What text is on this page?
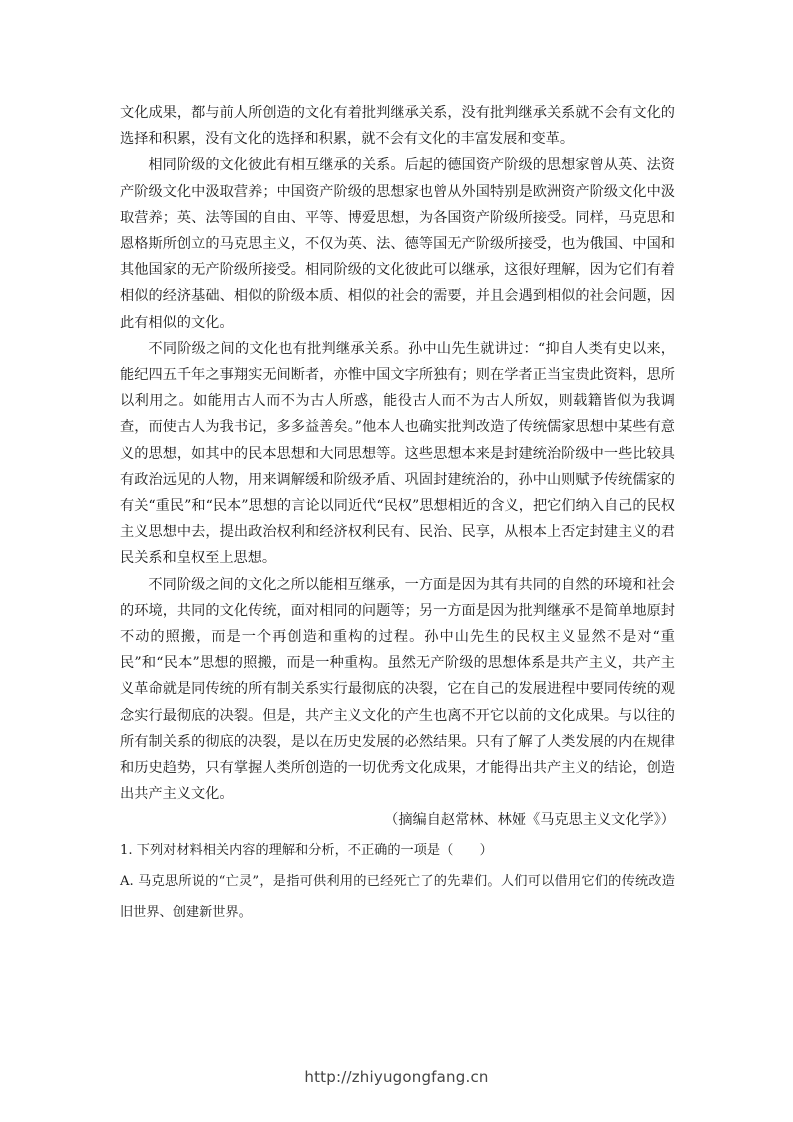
文化成果，都与前人所创造的文化有着批判继承关系，没有批判继承关系就不会有文化的选择和积累，没有文化的选择和积累，就不会有文化的丰富发展和变革。

相同阶级的文化彼此有相互继承的关系。后起的德国资产阶级的思想家曾从英、法资产阶级文化中汲取营养；中国资产阶级的思想家也曾从外国特别是欧洲资产阶级文化中汲取营养；英、法等国的自由、平等、博爱思想，为各国资产阶级所接受。同样，马克思和恩格斯所创立的马克思主义，不仅为英、法、德等国无产阶级所接受，也为俄国、中国和其他国家的无产阶级所接受。相同阶级的文化彼此可以继承，这很好理解，因为它们有着相似的经济基础、相似的阶级本质、相似的社会的需要，并且会遇到相似的社会问题，因此有相似的文化。

不同阶级之间的文化也有批判继承关系。孙中山先生就讲过：“抑自人类有史以来，能纪四五千年之事翔实无间断者，亦惟中国文字所独有；则在学者正当宝贵此资料，思所以利用之。如能用古人而不为古人所惑，能役古人而不为古人所奴，则载籍皆似为我调查，而使古人为我书记，多多益善矣。”他本人也确实批判改造了传统儒家思想中某些有意义的思想，如其中的民本思想和大同思想等。这些思想本来是封建统治阶级中一些比较具有政治远见的人物，用来调解缓和阶级矛盾、巩固封建统治的，孙中山则赋予传统儒家的有关“重民”和“民本”思想的言论以同近代“民权”思想相近的含义，把它们纳入自己的民权主义思想中去，提出政治权利和经济权利民有、民治、民享，从根本上否定封建主义的君民关系和皇权至上思想。

不同阶级之间的文化之所以能相互继承，一方面是因为其有共同的自然的环境和社会的环境，共同的文化传统，面对相同的问题等；另一方面是因为批判继承不是简单地原封不动的照搬，而是一个再创造和重构的过程。孙中山先生的民权主义显然不是对“重民”和“民本”思想的照搬，而是一种重构。虽然无产阶级的思想体系是共产主义，共产主义革命就是同传统的所有制关系实行最彻底的决裂，它在自己的发展进程中要同传统的观念实行最彻底的决裂。但是，共产主义文化的产生也离不开它以前的文化成果。与以往的所有制关系的彻底的决裂，是以在历史发展的必然结果。只有了解了人类发展的内在规律和历史趋势，只有掌握人类所创造的一切优秀文化成果，才能得出共产主义的结论，创造出共产主义文化。

（摘编自赵常林、林娅《马克思主义文化学》）

1. 下列对材料相关内容的理解和分析，不正确的一项是（　　）

A. 马克思所说的“亡灵”，是指可供利用的已经死亡了的先辈们。人们可以借用它们的传统改造旧世界、创建新世界。

http://zhiyugongfang.cn
